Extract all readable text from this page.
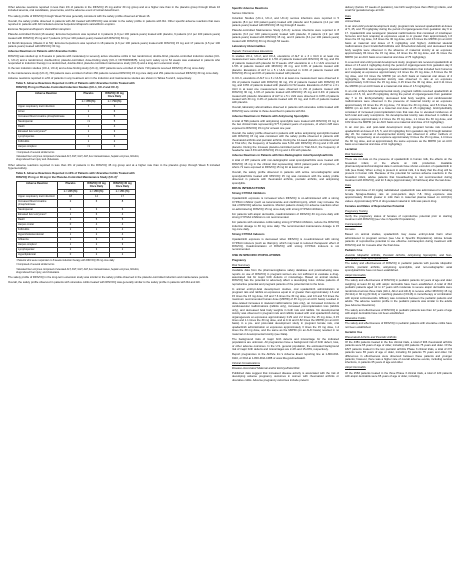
Other adverse reactions reported in less than 1% of patients in the RINVOQ 15 mg and/or 30 mg group and at a higher rate than in the placebo group through Week 16 included anemia, oral candidiasis, pneumonia, and the adverse event of retinal detachment.

The safety profile of RINVOQ through Week 52 was generally consistent with the safety profile observed at Week 16.

Overall, the safety profile observed in patients with AD treated with RINVOQ was similar to the safety profile in patients with RA. Other specific adverse reactions that were reported in patients with AD included eczema herpeticum/Kaposi's varicelliform eruption.

Eczema Herpeticum/Kaposi's Varicelliform Eruption

Placebo-controlled Period (16 weeks): Eczema herpeticum was reported in 4 patients (1.6 per 100 patient-years) treated with placebo, 6 patients (2.2 per 100 patient-years) treated with RINVOQ 15 mg and 7 patients (2.6 per 100 patient-years) treated with RINVOQ 30 mg.

12 Month Exposure (Weeks 0 to 52): Eczema herpeticum was reported in 18 patients (1.6 per 100 patient-years) treated with RINVOQ 15 mg and 17 patients (1.5 per 100 patient-years) treated with RINVOQ 30 mg.

Adverse Reactions in Patients with Ulcerative Colitis

RINVOQ was studied up to 8 weeks in patients with moderately to severely active ulcerative colitis in two randomized, double-blind, placebo-controlled induction studies (UC-1, UC-2) and a randomized, double-blind, placebo-controlled, dose-finding study (UC-4; NCT02819635). Long term safety up to 52 weeks was evaluated in patients who responded to induction therapy in a randomized, double-blind, placebo-controlled maintenance study (UC-3) and a long-term extension study.

In the two induction studies (UC-1, UC-2) and a dose finding study (UC-4), 1097 patients were enrolled of whom 719 patients received RINVOQ 45 mg once daily.

In the maintenance study (UC-3), 746 patients were enrolled of whom 250 patients received RINVOQ 15 mg once daily and 251 patients received RINVOQ 30 mg once daily.

Adverse reactions reported in ≥2% of patients in any treatment arm in the induction and maintenance studies are shown in Tables 5 and 6, respectively.

Table 5. Adverse Reactions Reported in ≥2% of Patients with Ulcerative Colitis Treated with RINVOQ 45 mg in Placebo-Controlled Induction Studies (UC-1, UC-2 and UC-4)
Adverse Reaction	Placebo	RINVOQ 45 mg Once Daily
	n = 378 (%)	n = 719 (%)
Upper respiratory tract infection¹	7	9
Acne¹	1	6
Increased blood creatine phosphokinase	1	5
Neutropenia¹	<1	5
Rash¹	1	4
Elevated liver enzymes²*	1	3
Lymphopenia¹	1	3
Folliculitis	1	2
Herpes simplex¹	<1	2
¹ Composed of several similar terms
² Elevated liver enzymes composed of elevated ALT, AST, GGT, ALP, liver transaminases, hepatic enzymes, bilirubin, drug-induced liver injury and cholestasis.

Other adverse reactions reported in less than 2% of patients in the RINVOQ 45 mg group and at a higher rate than in the placebo group through Week 8 included hypersensitivity.

Table 6. Adverse Reactions Reported in ≥2% of Patients with Ulcerative Colitis Treated with RINVOQ 15 mg or 30 mg in the Placebo-Controlled Maintenance Study (UC-3)¹
Adverse Reaction	Placebo	RINVOQ 15 mg Once Daily	RINVOQ 30 mg Once Daily
	n = 245 (%)	n = 250 (%)	n = 251 (%)
Upper respiratory tract infection²	18	14	17
Increased blood creatine phosphokinase	2	6	8
Neutropenia²	2	3	6
Elevated liver enzymes²³	1	6	4
Rash²	4	5	5
Herpes zoster	0	4	4
Folliculitis	2	1	4
Hypercholesterolemia²	1	2	4
Influenza	1	3	2
Herpes simplex²	1	2	3
Lymphopenia²	2	3	2
Hyperlipidemia²	0	2	2
¹ Patients who were responders to 8 weeks induction therapy with RINVOQ 45 mg once daily
² Composed of several similar terms
³ Elevated liver enzymes composed of elevated ALT, AST, GGT, ALP, liver transaminases, hepatic enzymes, bilirubin, drug-induced liver injury, and cholestasis.

The safety profile of RINVOQ in the long-term extension study was similar to the safety profile observed in the placebo-controlled induction and maintenance periods.

Overall, the safety profile observed in patients with ulcerative colitis treated with RINVOQ was generally similar to the safety profile in patients with RA and AD.

Specific Adverse Reactions

Serious Infections

Induction Studies (UC-1, UC-2, and UC-4): serious infections were reported in 5 patients (8.4 per 100 patient-years) treated with placebo and 8 patients (4.4 per 100 patient-years) treated with RINVOQ 45 mg through 8 weeks.

Placebo-controlled Maintenance Study (UC-3): serious infections were reported in 8 patients (6.3 per 100 patient-years) treated with placebo, 8 patients (4.9 per 100 patient-years) treated with RINVOQ 15 mg, and 6 patients (3.1 per 100 patient-years) treated with RINVOQ 30 mg through 52 weeks.

Laboratory Abnormalities

Hepatic Transaminase Elevations

In studies UC-1, UC-2, and UC-4, elevations of ALT to ≥ 3 x ULN in at least one measurement were observed in 1.5% of patients treated with RINVOQ 45 mg, and 0% of patients treated with placebo for 8 weeks. AST elevations to ≥ 3 x ULN occurred in 1.5% of patients treated with RINVOQ 45 mg, and 0.3% of patients treated with placebo. Elevations of ALT to ≥ 5 x ULN occurred in 0.4% of patients treated with RINVOQ 45 mg and 0% of patients treated with placebo.

In UC-3, elevations of ALT to ≥ 3 x ULN in at least one measurement were observed in 4% of patients treated with RINVOQ 30 mg, 2% of patients treated with RINVOQ 15 mg, and 0.8% of patients treated with placebo for 52 weeks. Elevations of AST to ≥ 3 x ULN in at least one measurement were observed in 2% of patients treated with RINVOQ 30 mg, 1.6% of patients treated with RINVOQ 15 mg and 0.4% of patients treated with placebo. Elevations of ALT to ≥ 5 x ULN were observed in 0.8% of patients treated with 30 mg, 0.4% of patients treated with 15 mg, and 0.4% of patients treated with placebo.

Overall, laboratory abnormalities observed in patients with ulcerative colitis treated with RINVOQ were similar to those described in patients with RA.

Adverse Reactions in Patients with Ankylosing Spondylitis

A total of 596 patients with ankylosing spondylitis were treated with RINVOQ 15 mg in the two clinical trials representing 577.3 patient-years of exposure, of whom 228 were exposed to RINVOQ 15 mg for at least one year.

Overall, the safety profile observed in patients with active ankylosing spondylitis treated with RINVOQ 15 mg was consistent with the safety profile observed in patients with rheumatoid arthritis and psoriatic arthritis. During the 14-week placebo-controlled period in Trial AS-I, the frequency of headache was 5.4% with RINVOQ 15 mg and 2.1% with placebo. During the 14-week placebo-controlled period in Trial AS-II, the frequency of headache was 3.3% with RINVOQ 15 mg and 1.4% with placebo.

Adverse Reactions in Patients with Non-Radiographic Axial Spondyloarthritis

A total of 187 patients with non-radiographic axial spondyloarthritis were treated with RINVOQ 15 mg in the clinical trial representing 116.6 patient-years of exposure, of whom 71 were exposed to RINVOQ 15 mg for at least one year.

Overall, the safety profile observed in patients with active non-radiographic axial spondyloarthritis treated with RINVOQ 15 mg was consistent with the safety profile observed in patients with rheumatoid arthritis, psoriatic arthritis, and ankylosing spondylitis.

DRUG INTERACTIONS

Strong CYP3A4 Inhibitors

Upadacitinib exposure is increased when RINVOQ is co-administered with a strong CYP3A4 inhibitor (such as ketoconazole and clarithromycin), which may increase the risk of RINVOQ adverse reactions. Monitor patients closely for adverse reactions when co-administering RINVOQ 15 mg once daily with strong CYP3A4 inhibitors.

For patients with atopic dermatitis, coadministration of RINVOQ 30 mg once daily with strong CYP3A4 inhibitors is not recommended.

For patients with ulcerative colitis taking strong CYP3A4 inhibitors, reduce the RINVOQ induction dosage to 30 mg once daily. The recommended maintenance dosage is 15 mg once daily.

Strong CYP3A4 Inducers

Upadacitinib exposure is decreased when RINVOQ is co-administered with strong CYP3A4 inducers (such as rifampin), which may lead to reduced therapeutic effect of RINVOQ. Coadministration of RINVOQ with strong CYP3A4 inducers is not recommended.

USE IN SPECIFIC POPULATIONS

Pregnancy

Risk Summary

Available data from the pharmacovigilance safety database and postmarketing case reports on use of RINVOQ in pregnant women are not sufficient to evaluate a drug-associated risk for major birth defects or miscarriage. Based on animal studies, RINVOQ has the potential to adversely affect a developing fetus. Advise patients of reproductive potential and pregnant patients of the potential risk to the fetus.

In animal embryo-fetal development studies, oral upadacitinib administration to pregnant rats and rabbits at exposures equal to or greater than approximately 1.6 and 15 times the 15 mg dose, 0.8 and 7.6 times the 30 mg dose, and 0.6 and 5.6 times the maximum recommended human dose (MRHD) of 45 mg (on an AUC basis) resulted in dose-related increases in skeletal malformations (rats only), an increased incidence of cardiovascular malformations (rabbits only), increased post-implantation loss (rabbits only), and decreased fetal body weights in both rats and rabbits. No developmental toxicity was observed in pregnant rats and rabbits treated with oral upadacitinib during organogenesis at exposures approximately 0.29 and 2.2 times the 15 mg dose, 0.15 times and 1.1 times the 30 mg dose, and at 0.11 and 0.82 times the MRHD (on an AUC basis) in a pre- and post-natal development study in pregnant female rats, oral upadacitinib administration at exposures approximately 3 times the 15 mg dose, 1.4 times the 30 mg dose, and the same as the MRHD (on an AUC basis) resulted in no maternal or developmental toxicity (see Data).

The background risks of major birth defects and miscarriage for the indicated populations are unknown. All pregnancies have a background risk of birth defect, loss, or other adverse outcomes. In the U.S. general population, the estimated background risk of major birth defects and miscarriages are 2-4% and 15-20%, respectively.

Report pregnancies to the AbbVie Inc.'s Adverse Event reporting line at 1-800-633-9110, or FDA at 1-800-FDA-1088 or www.fda.gov/medwatch.

Clinical Considerations

Disease-Associated Maternal and/or Embryo/Fetal Risk

Published data suggest that increased disease activity is associated with the risk of developing adverse pregnancy outcomes in women with rheumatoid arthritis or ulcerative colitis. Adverse pregnancy outcomes include preterm

delivery (before 37 weeks of gestation), low birth weight (less than 2500 g) infants, and small for gestational age at birth.

Data

Animal Data

In an oral embryo-fetal development study, pregnant rats received upadacitinib at doses of 5, 25, and 75 mg/kg/day during the period of organogenesis from gestation day 6 to 17. Upadacitinib was teratogenic (skeletal malformations that consisted of misshapen humerus and bent scapula) at exposures equal to or greater than approximately 1.6 times the 15 mg dose, 0.8 times the 30 mg dose, and 0.6 times the MRHD (on an AUC basis at maternal oral doses of 5 mg/kg/day and higher). Additional skeletal malformations (bent forelimbs/hindlimbs and rib/vertebral defects) and decreased fetal body weights were observed in the absence of maternal toxicity at an exposure approximately 84 times the 15 mg dose, 43 times the 30 mg dose, and 31 times the MRHD (on an AUC basis at a maternal oral dose of 75 mg/kg/day).

In a second oral embryo-fetal development study, pregnant rats received upadacitinib at doses of 1.5 and 4 mg/kg/day during the period of organogenesis from gestation day 6 to 17. Upadacitinib was teratogenic (skeletal malformations that included bent humerus and scapula) at exposures approximately 1.6 times the 15 mg dose, 0.8 times the 30 mg dose, and 0.6 times the MRHD (on an AUC basis at maternal oral doses of 4 mg/kg/day). No developmental toxicity was observed in rats at an exposure approximately 0.29 times the 15 mg dose, 0.15 times the 30 mg dose, and 0.11 times the MRHD (on an AUC basis at a maternal oral dose of 1.5 mg/kg/day).

In an oral embryo-fetal developmental study, pregnant rabbits received upadacitinib at doses of 2.5, 10, and 25 mg/kg/day during the period of organogenesis from gestation day 7 to 19. Embryolethality, decreased fetal body weights, and cardiovascular malformations were observed in the presence of maternal toxicity at an exposure approximately 15 times the 15 mg dose, 7.6 times the 30 mg dose, and 5.6 times the MRHD (on an AUC basis at a maternal oral dose of 25 mg/kg/day). Embryolethality consisted of increased post-implantation loss that was due to elevated incidences of both total and early resorptions. No developmental toxicity was observed in rabbits at an exposure approximately 2.2 times the 15 mg dose, 1.1 times the 30 mg dose, and 0.82 times the MRHD (on an AUC basis at a maternal oral dose of 10 mg/kg/day).

In an oral pre- and post-natal development study, pregnant female rats received upadacitinib at doses of 2.5, 5, and 10 mg/kg/day from gestation day 6 through lactation day 20. No maternal or developmental toxicity was observed in either mothers or offspring, respectively, at an exposure approximately 3 times the 15 mg dose, 1.4 times the 30 mg dose, and at approximately the same exposure as the MRHD (on an AUC basis at a maternal oral dose of 10 mg/kg/day).

Lactation

Risk Summary

There are no data on the presence of upadacitinib in human milk, the effects on the breastfed infant, or the effects on milk production. Available pharmacodynamic/toxicological data in animals have shown excretion of upadacitinib in milk (see Data). When a drug is present in animal milk, it is likely that the drug will be present in human milk. Because of the potential for serious adverse reactions in the breastfed infant, advise patients that breastfeeding is not recommended during treatment with RINVOQ, and for 6 days (approximately 10 half-lives) after the last dose.

Data

A single oral dose of 10 mg/kg radiolabeled upadacitinib was administered to lactating female Sprague-Dawley rats on post-partum days 7-8. Drug exposure was approximately 30-fold greater in milk than in maternal plasma based on AUC(0-t) values. Approximately 97% of drug-related material in milk was parent drug.

Females and Males of Reproductive Potential

Pregnancy Testing

Verify the pregnancy status of females of reproductive potential prior to starting treatment with RINVOQ [see Use in Specific Populations].

Contraception

Females

Based on animal studies, upadacitinib may cause embryo-fetal harm when administered to pregnant women [see Use in Specific Populations]. Advise female patients of reproductive potential to use effective contraception during treatment with RINVOQ and for 4 weeks after the final dose.

Pediatric Use

Juvenile Idiopathic Arthritis, Psoriatic Arthritis, Ankylosing Spondylitis, and Non-radiographic Axial Spondyloarthritis

The safety and effectiveness of RINVOQ in pediatric patients with juvenile idiopathic arthritis, psoriatic arthritis, ankylosing spondylitis, and non-radiographic axial spondyloarthritis have not been established.

Atopic Dermatitis

The safety and effectiveness of RINVOQ in pediatric patients 12 years of age and older weighing at least 40 kg with atopic dermatitis have been established. A total of 344 pediatric patients aged 12 to 17 years with moderate to severe atopic dermatitis were randomized across three trials (AD-1, AD-2 and AD-3) to receive either RINVOQ 15 mg (N=114) or 30 mg (N=114) or matching placebo (N=116) in monotherapy or combination with topical corticosteroids. Efficacy was consistent between the pediatric patients and adults. The adverse reaction profile in the pediatric patients was similar to the adults [see Adverse Reactions].

The safety and effectiveness of RINVOQ in pediatric patients less than 12 years of age with atopic dermatitis have not been established.

Ulcerative Colitis

The safety and effectiveness of RINVOQ in pediatric patients with ulcerative colitis have not been established.

Geriatric Use

Rheumatoid Arthritis and Psoriatic Arthritis

Of the 4381 patients treated in the five clinical trials, a total of 906 rheumatoid arthritis patients were 65 years of age or older, including 146 patients 75 years and older. Of the 1827 patients treated in the two psoriatic arthritis Phase 3 clinical trials, a total of 274 patients were 65 years of age or older, including 34 patients 75 years and older. No differences in effectiveness were observed between these patients and younger patients; however, there was a higher rate of overall adverse events, including serious infections, in patients 65 years of age and older.

Atopic Dermatitis

Of the 2583 patients treated in the three Phase 3 clinical trials, a total of 120 patients with atopic dermatitis were 65 years of age or older, including
